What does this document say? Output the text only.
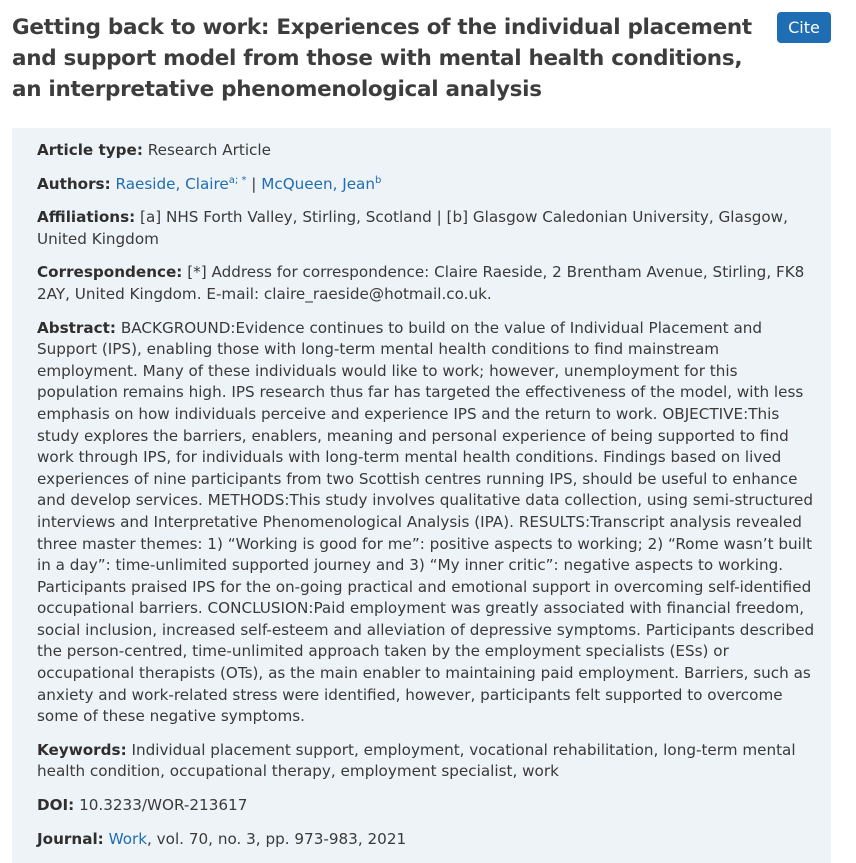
Getting back to work: Experiences of the individual placement and support model from those with mental health conditions, an interpretative phenomenological analysis
Cite

Article type: Research Article

Authors: Raeside, Claire$^{a; *}$ | McQueen, Jean$^b$

Affiliations: [a] NHS Forth Valley, Stirling, Scotland | [b] Glasgow Caledonian University, Glasgow, United Kingdom

Correspondence: [*] Address for correspondence: Claire Raeside, 2 Brentham Avenue, Stirling, FK8 2AY, United Kingdom. E-mail: claire_raeside@hotmail.co.uk.

Abstract: BACKGROUND:Evidence continues to build on the value of Individual Placement and Support (IPS), enabling those with long-term mental health conditions to find mainstream employment. Many of these individuals would like to work; however, unemployment for this population remains high. IPS research thus far has targeted the effectiveness of the model, with less emphasis on how individuals perceive and experience IPS and the return to work. OBJECTIVE:This study explores the barriers, enablers, meaning and personal experience of being supported to find work through IPS, for individuals with long-term mental health conditions. Findings based on lived experiences of nine participants from two Scottish centres running IPS, should be useful to enhance and develop services. METHODS:This study involves qualitative data collection, using semi-structured interviews and Interpretative Phenomenological Analysis (IPA). RESULTS:Transcript analysis revealed three master themes: 1) “Working is good for me”: positive aspects to working; 2) “Rome wasn’t built in a day”: time-unlimited supported journey and 3) “My inner critic”: negative aspects to working. Participants praised IPS for the on-going practical and emotional support in overcoming self-identified occupational barriers. CONCLUSION:Paid employment was greatly associated with financial freedom, social inclusion, increased self-esteem and alleviation of depressive symptoms. Participants described the person-centred, time-unlimited approach taken by the employment specialists (ESs) or occupational therapists (OTs), as the main enabler to maintaining paid employment. Barriers, such as anxiety and work-related stress were identified, however, participants felt supported to overcome some of these negative symptoms.

Keywords: Individual placement support, employment, vocational rehabilitation, long-term mental health condition, occupational therapy, employment specialist, work

DOI: 10.3233/WOR-213617

Journal: Work, vol. 70, no. 3, pp. 973-983, 2021
